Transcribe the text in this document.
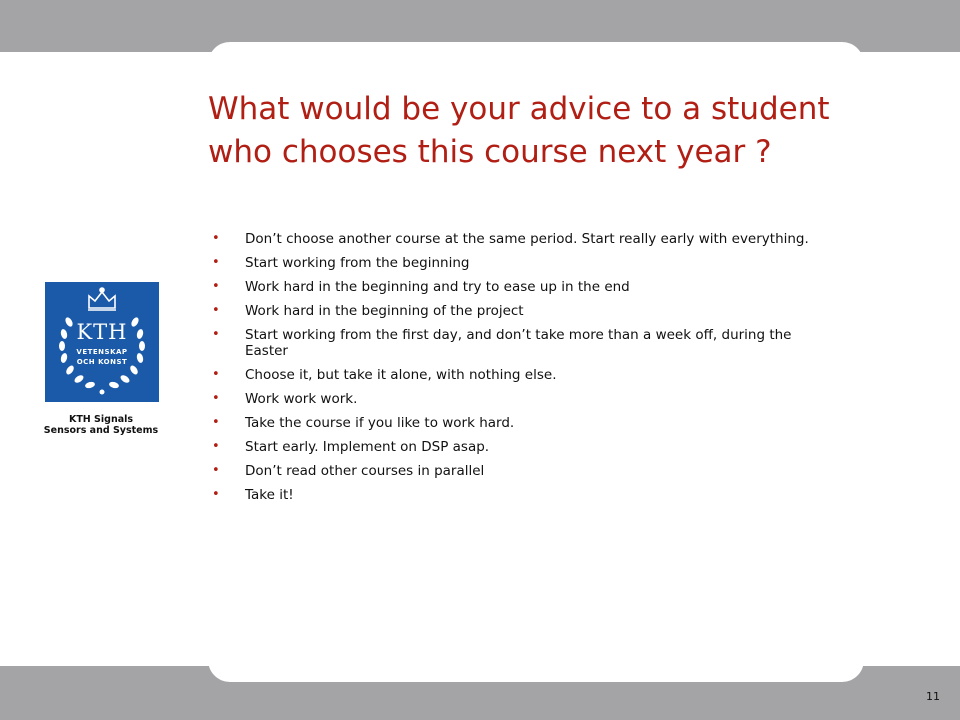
KTH
VETENSKAP
OCH KONST
KTH Signals
Sensors and Systems
What would be your advice to a student who chooses this course next year ?
• Don’t choose another course at the same period. Start really early with everything.
• Start working from the beginning
• Work hard in the beginning and try to ease up in the end
• Work hard in the beginning of the project
• Start working from the first day, and don’t take more than a week off, during the Easter
• Choose it, but take it alone, with nothing else.
• Work work work.
• Take the course if you like to work hard.
• Start early. Implement on DSP asap.
• Don’t read other courses in parallel
• Take it!
11
